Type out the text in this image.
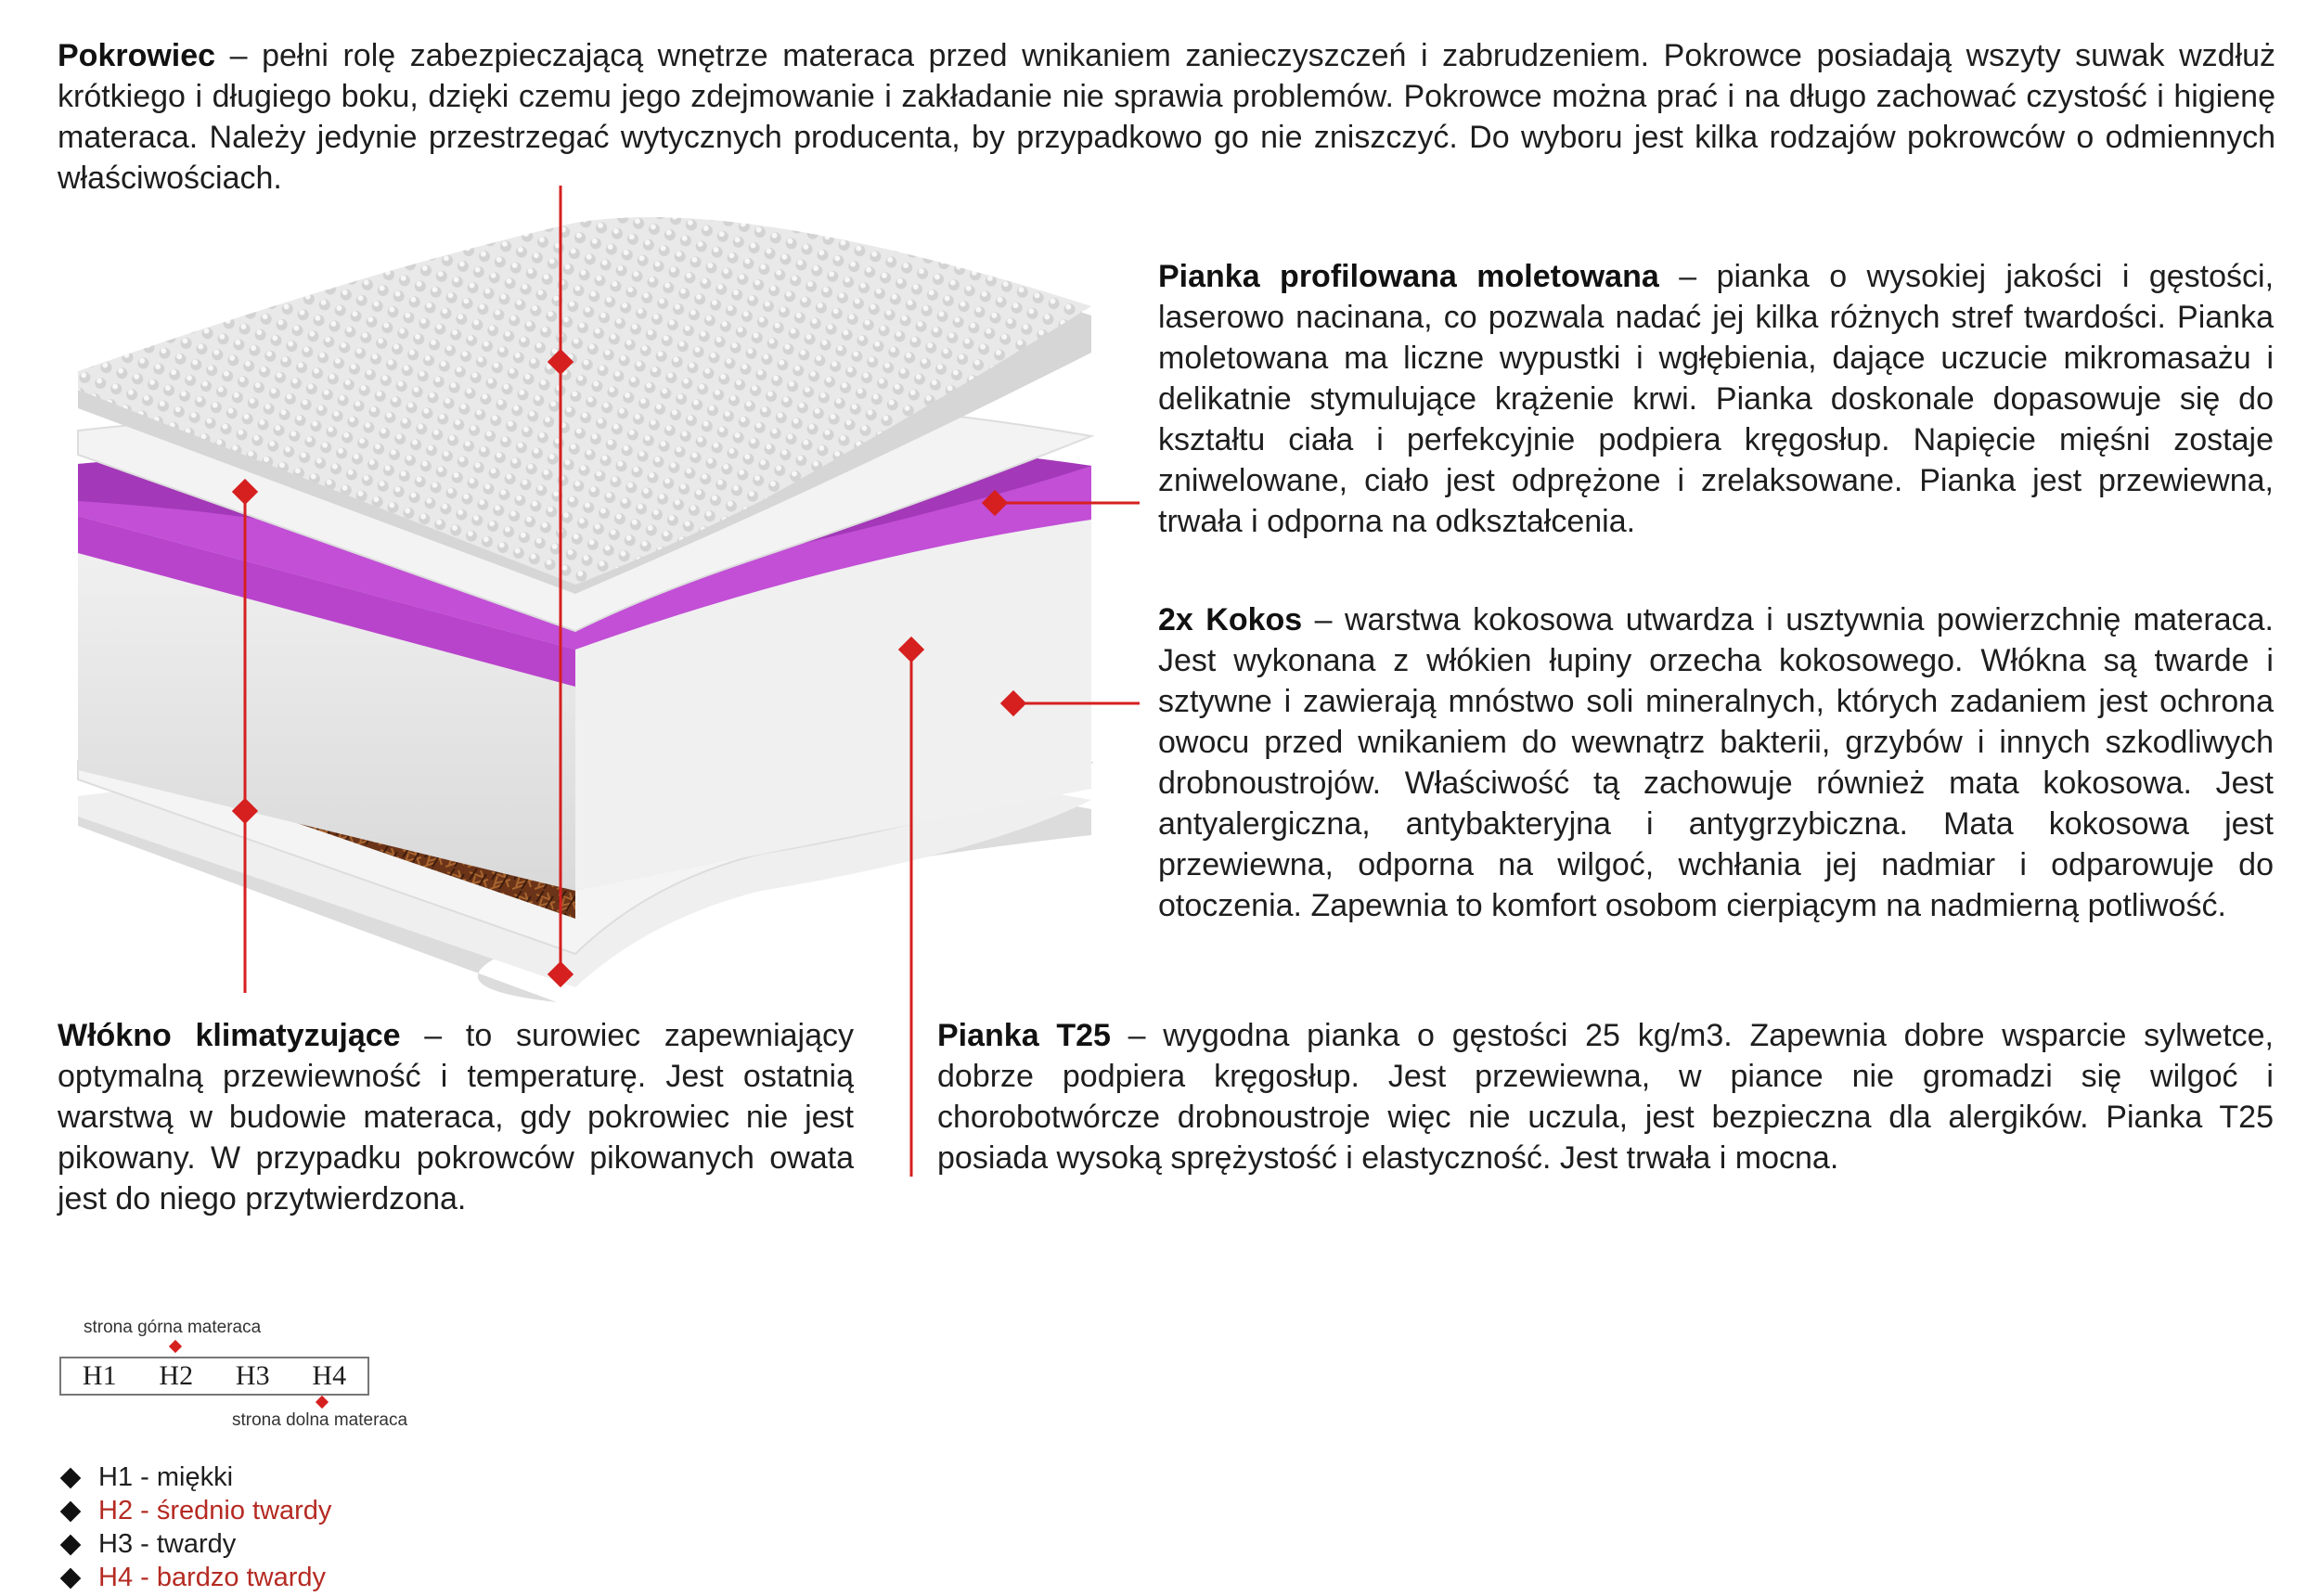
Pokrowiec – pełni rolę zabezpieczającą wnętrze materaca przed wnikaniem zanieczyszczeń i zabrudzeniem. Pokrowce posiadają wszyty suwak wzdłuż krótkiego i długiego boku, dzięki czemu jego zdejmowanie i zakładanie nie sprawia problemów. Pokrowce można prać i na długo zachować czystość i higienę materaca. Należy jedynie przestrzegać wytycznych producenta, by przypadkowo go nie zniszczyć. Do wyboru jest kilka rodzajów pokrowców o odmiennych właściwościach.

Pianka profilowana moletowana – pianka o wysokiej jakości i gęstości, laserowo nacinana, co pozwala nadać jej kilka różnych stref twardości. Pianka moletowana ma liczne wypustki i wgłębienia, dające uczucie mikromasażu i delikatnie stymulujące krążenie krwi. Pianka doskonale dopasowuje się do kształtu ciała i perfekcyjnie podpiera kręgosłup. Napięcie mięśni zostaje zniwelowane, ciało jest odprężone i zrelaksowane. Pianka jest przewiewna, trwała i odporna na odkształcenia.

2x Kokos – warstwa kokosowa utwardza i usztywnia powierzchnię materaca. Jest wykonana z włókien łupiny orzecha kokosowego. Włókna są twarde i sztywne i zawierają mnóstwo soli mineralnych, których zadaniem jest ochrona owocu przed wnikaniem do wewnątrz bakterii, grzybów i innych szkodliwych drobnoustrojów. Właściwość tą zachowuje również mata kokosowa. Jest antyalergiczna, antybakteryjna i antygrzybiczna. Mata kokosowa jest przewiewna, odporna na wilgoć, wchłania jej nadmiar i odparowuje do otoczenia. Zapewnia to komfort osobom cierpiącym na nadmierną potliwość.

Włókno klimatyzujące – to surowiec zapewniający optymalną przewiewność i temperaturę. Jest ostatnią warstwą w budowie materaca, gdy pokrowiec nie jest pikowany. W przypadku pokrowców pikowanych owata jest do niego przytwierdzona.

Pianka T25 – wygodna pianka o gęstości 25 kg/m3. Zapewnia dobre wsparcie sylwetce, dobrze podpiera kręgosłup. Jest przewiewna, w piance nie gromadzi się wilgoć i chorobotwórcze drobnoustroje więc nie uczula, jest bezpieczna dla alergików. Pianka T25 posiada wysoką sprężystość i elastyczność. Jest trwała i mocna.

strona górna materaca
H1 H2 H3 H4
strona dolna materaca
H1 - miękki
H2 - średnio twardy
H3 - twardy
H4 - bardzo twardy
